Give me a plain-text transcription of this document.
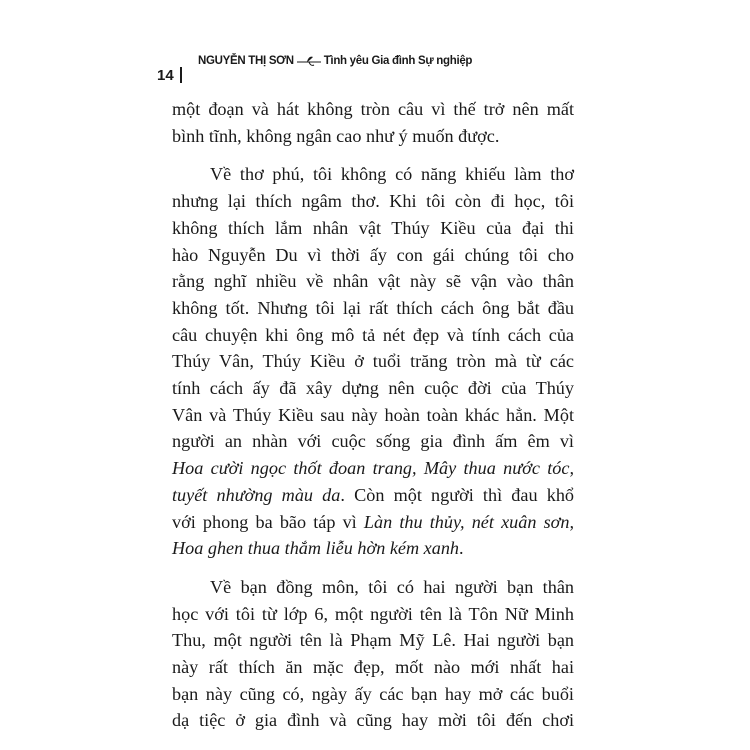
NGUYỄN THỊ SƠN	Tình yêu Gia đình Sự nghiệp
14

một đoạn và hát không tròn câu vì thế trở nên mất
bình tĩnh, không ngân cao như ý muốn được.

Về thơ phú, tôi không có năng khiếu làm thơ
nhưng lại thích ngâm thơ. Khi tôi còn đi học, tôi
không thích lắm nhân vật Thúy Kiều của đại thi
hào Nguyễn Du vì thời ấy con gái chúng tôi cho
rằng nghĩ nhiều về nhân vật này sẽ vận vào thân
không tốt. Nhưng tôi lại rất thích cách ông bắt đầu
câu chuyện khi ông mô tả nét đẹp và tính cách của
Thúy Vân, Thúy Kiều ở tuổi trăng tròn mà từ các
tính cách ấy đã xây dựng nên cuộc đời của Thúy
Vân và Thúy Kiều sau này hoàn toàn khác hẳn. Một
người an nhàn với cuộc sống gia đình ấm êm vì
Hoa cười ngọc thốt đoan trang, Mây thua nước tóc,
tuyết nhường màu da. Còn một người thì đau khổ
với phong ba bão táp vì Làn thu thủy, nét xuân sơn,
Hoa ghen thua thắm liễu hờn kém xanh.

Về bạn đồng môn, tôi có hai người bạn thân
học với tôi từ lớp 6, một người tên là Tôn Nữ Minh
Thu, một người tên là Phạm Mỹ Lê. Hai người bạn
này rất thích ăn mặc đẹp, mốt nào mới nhất hai
bạn này cũng có, ngày ấy các bạn hay mở các buổi
dạ tiệc ở gia đình và cũng hay mời tôi đến chơi
